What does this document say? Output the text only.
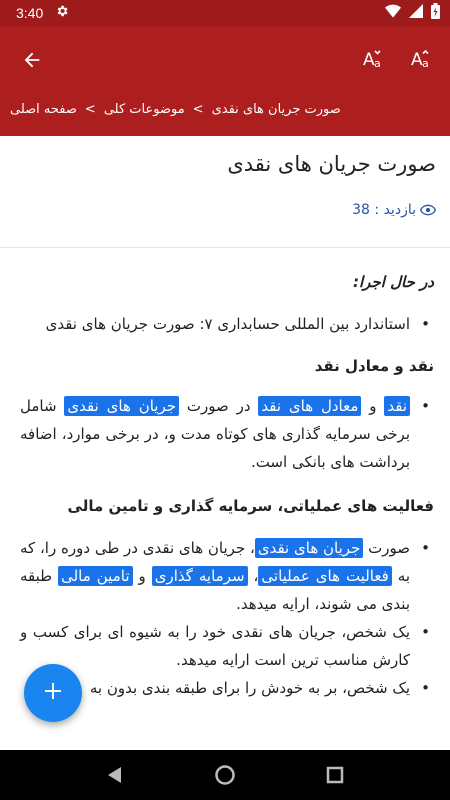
3:40
A a A a
صفحه اصلی > موضوعات کلی > صورت جریان های نقدی
صورت جریان های نقدی
بازدید : 38
در حال اجرا:
• استاندارد بین المللی حسابداری ۷: صورت جریان های نقدی
نقد و معادل نقد
• نقد و معادل های نقد در صورت جریان های نقدی شامل برخی سرمایه گذاری های کوتاه مدت و، در برخی موارد، اضافه برداشت های بانکی است.
فعالیت های عملیاتی، سرمایه گذاری و تامین مالی
• صورت جریان های نقدی، جریان های نقدی در طی دوره را، که به فعالیت های عملیاتی، سرمایه گذاری و تامین مالی طبقه بندی می شوند، ارایه میدهد.
• یک شخص، جریان های نقدی خود را به شیوه ای برای کسب و کارش مناسب ترین است ارایه میدهد.
• یک شخص، بر به خودش را برای طبقه بندی بدون به
